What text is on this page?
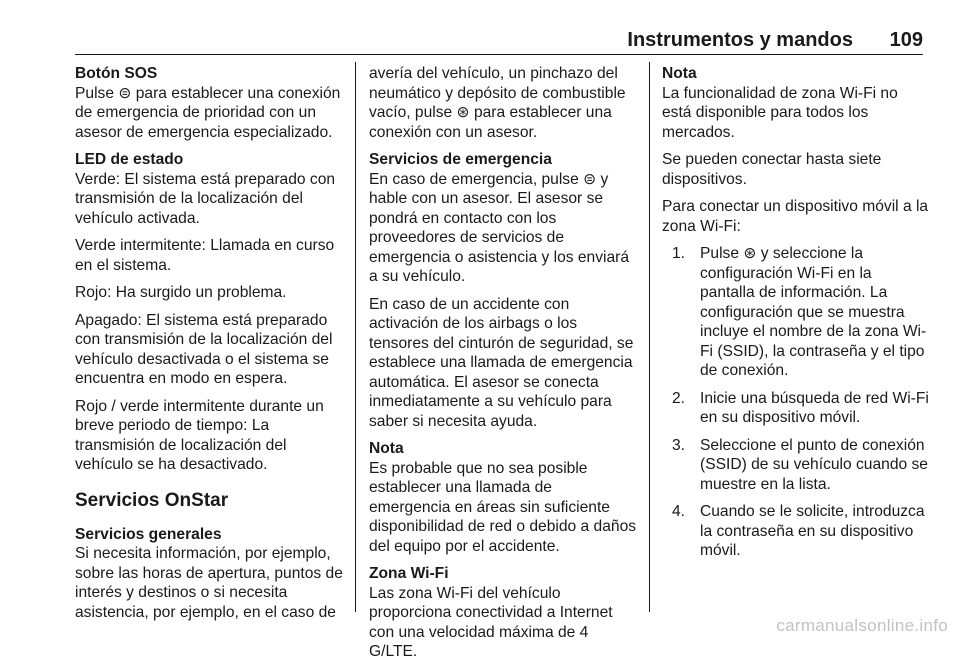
Instrumentos y mandos 109

Botón SOS
Pulse ⊜ para establecer una conexión de emergencia de prioridad con un asesor de emergencia especializado.

LED de estado
Verde: El sistema está preparado con transmisión de la localización del vehículo activada.

Verde intermitente: Llamada en curso en el sistema.

Rojo: Ha surgido un problema.

Apagado: El sistema está preparado con transmisión de la localización del vehículo desactivada o el sistema se encuentra en modo en espera.

Rojo / verde intermitente durante un breve periodo de tiempo: La transmisión de localización del vehículo se ha desactivado.

Servicios OnStar

Servicios generales
Si necesita información, por ejemplo, sobre las horas de apertura, puntos de interés y destinos o si necesita asistencia, por ejemplo, en el caso de

avería del vehículo, un pinchazo del neumático y depósito de combustible vacío, pulse ⊛ para establecer una conexión con un asesor.

Servicios de emergencia
En caso de emergencia, pulse ⊜ y hable con un asesor. El asesor se pondrá en contacto con los proveedores de servicios de emergencia o asistencia y los enviará a su vehículo.

En caso de un accidente con activación de los airbags o los tensores del cinturón de seguridad, se establece una llamada de emergencia automática. El asesor se conecta inmediatamente a su vehículo para saber si necesita ayuda.

Nota
Es probable que no sea posible establecer una llamada de emergencia en áreas sin suficiente disponibilidad de red o debido a daños del equipo por el accidente.

Zona Wi-Fi
Las zona Wi-Fi del vehículo proporciona conectividad a Internet con una velocidad máxima de 4 G/LTE.

Nota
La funcionalidad de zona Wi-Fi no está disponible para todos los mercados.

Se pueden conectar hasta siete dispositivos.

Para conectar un dispositivo móvil a la zona Wi-Fi:

1. Pulse ⊛ y seleccione la configuración Wi-Fi en la pantalla de información. La configuración que se muestra incluye el nombre de la zona Wi-Fi (SSID), la contraseña y el tipo de conexión.
2. Inicie una búsqueda de red Wi-Fi en su dispositivo móvil.
3. Seleccione el punto de conexión (SSID) de su vehículo cuando se muestre en la lista.
4. Cuando se le solicite, introduzca la contraseña en su dispositivo móvil.
carmanualsonline.info
